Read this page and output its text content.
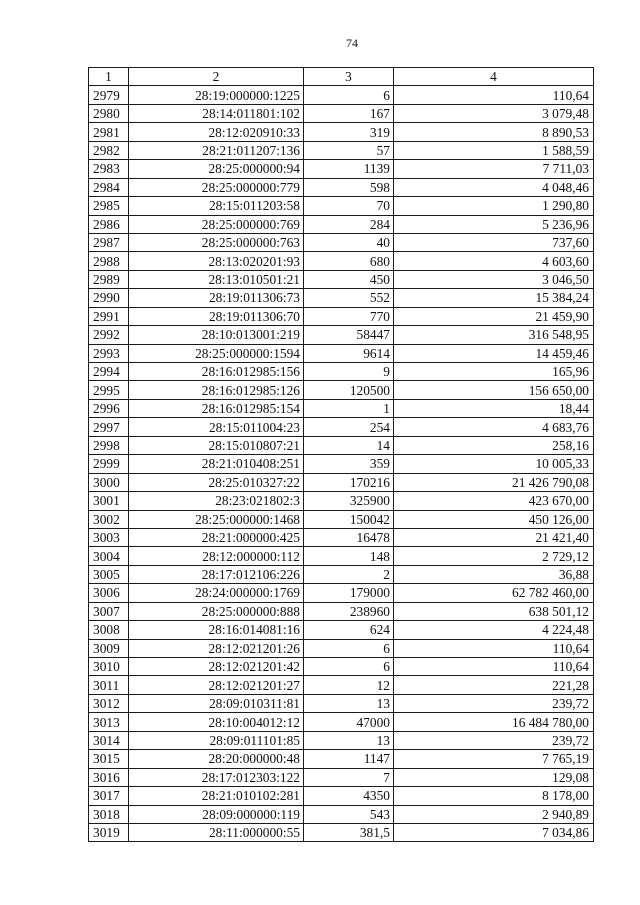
74
1	2	3	4
2979	28:19:000000:1225	6	110,64
2980	28:14:011801:102	167	3 079,48
2981	28:12:020910:33	319	8 890,53
2982	28:21:011207:136	57	1 588,59
2983	28:25:000000:94	1139	7 711,03
2984	28:25:000000:779	598	4 048,46
2985	28:15:011203:58	70	1 290,80
2986	28:25:000000:769	284	5 236,96
2987	28:25:000000:763	40	737,60
2988	28:13:020201:93	680	4 603,60
2989	28:13:010501:21	450	3 046,50
2990	28:19:011306:73	552	15 384,24
2991	28:19:011306:70	770	21 459,90
2992	28:10:013001:219	58447	316 548,95
2993	28:25:000000:1594	9614	14 459,46
2994	28:16:012985:156	9	165,96
2995	28:16:012985:126	120500	156 650,00
2996	28:16:012985:154	1	18,44
2997	28:15:011004:23	254	4 683,76
2998	28:15:010807:21	14	258,16
2999	28:21:010408:251	359	10 005,33
3000	28:25:010327:22	170216	21 426 790,08
3001	28:23:021802:3	325900	423 670,00
3002	28:25:000000:1468	150042	450 126,00
3003	28:21:000000:425	16478	21 421,40
3004	28:12:000000:112	148	2 729,12
3005	28:17:012106:226	2	36,88
3006	28:24:000000:1769	179000	62 782 460,00
3007	28:25:000000:888	238960	638 501,12
3008	28:16:014081:16	624	4 224,48
3009	28:12:021201:26	6	110,64
3010	28:12:021201:42	6	110,64
3011	28:12:021201:27	12	221,28
3012	28:09:010311:81	13	239,72
3013	28:10:004012:12	47000	16 484 780,00
3014	28:09:011101:85	13	239,72
3015	28:20:000000:48	1147	7 765,19
3016	28:17:012303:122	7	129,08
3017	28:21:010102:281	4350	8 178,00
3018	28:09:000000:119	543	2 940,89
3019	28:11:000000:55	381,5	7 034,86
